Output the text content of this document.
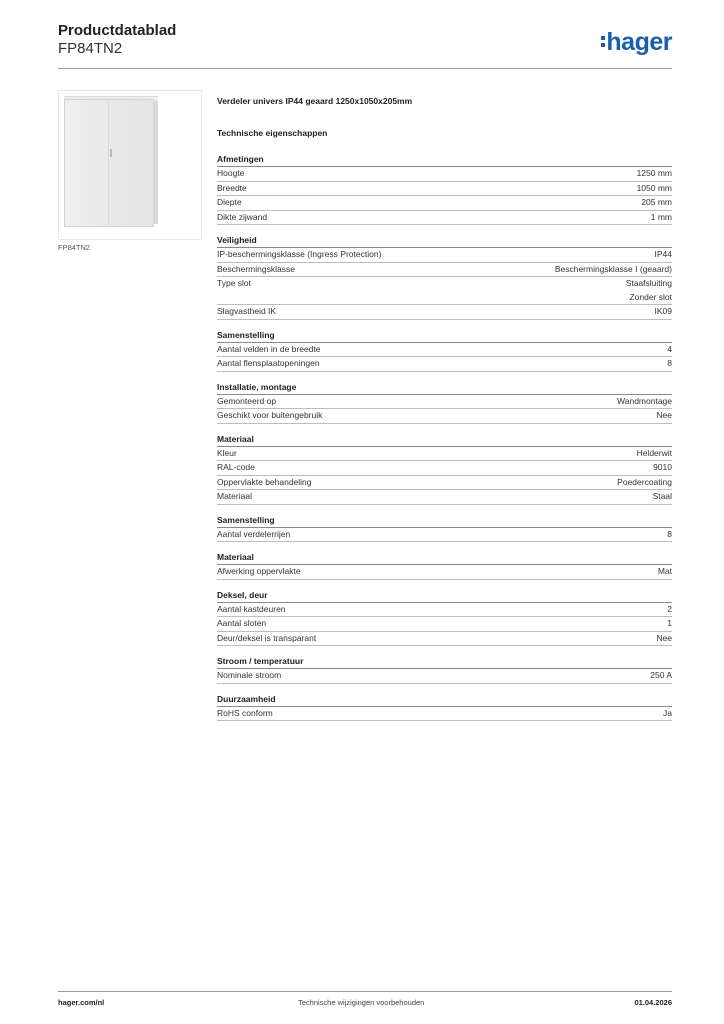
Productdatablad
FP84TN2	hager
FP84TN2
Verdeler univers IP44 geaard 1250x1050x205mm
Technische eigenschappen
Afmetingen
Hoogte	1250 mm
Breedte	1050 mm
Diepte	205 mm
Dikte zijwand	1 mm
Veiligheid
IP-beschermingsklasse (Ingress Protection)	IP44
Beschermingsklasse	Beschermingsklasse I (geaard)
Type slot	Staafsluiting
Zonder slot
Slagvastheid IK	IK09
Samenstelling
Aantal velden in de breedte	4
Aantal flensplaatopeningen	8
Installatie, montage
Gemonteerd op	Wandmontage
Geschikt voor buitengebruik	Nee
Materiaal
Kleur	Helderwit
RAL-code	9010
Oppervlakte behandeling	Poedercoating
Materiaal	Staal
Samenstelling
Aantal verdelerrijen	8
Materiaal
Afwerking oppervlakte	Mat
Deksel, deur
Aantal kastdeuren	2
Aantal sloten	1
Deur/deksel is transparant	Nee
Stroom / temperatuur
Nominale stroom	250 A
Duurzaamheid
RoHS conform	Ja
hager.com/nl	Technische wijzigingen voorbehouden	01.04.2026
